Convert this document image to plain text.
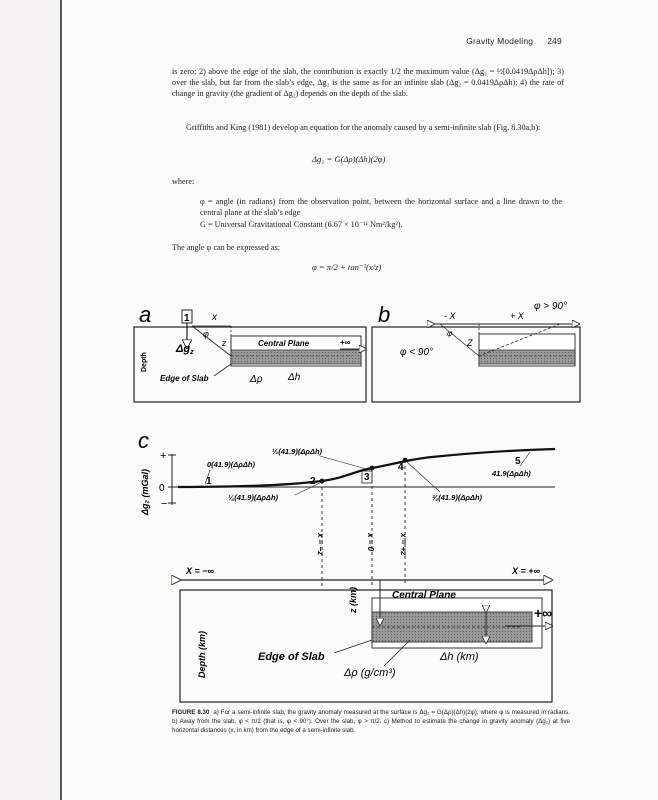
Gravity Modeling 249
is zero; 2) above the edge of the slab, the contribution is exactly 1/2 the maximum value (Δg₂ = ½[0.0419ΔρΔh]); 3) over the slab, but far from the slab’s edge, Δg₂ is the same as for an infinite slab (Δg₂ = 0.0419ΔρΔh); 4) the rate of change in gravity (the gradient of Δg₂) depends on the depth of the slab.
Griffiths and King (1981) develop an equation for the anomaly caused by a semi-infinite slab (Fig. 8.30a,b):
Δg₂ = G(Δρ)(Δh)(2φ)
where:
φ = angle (in radians) from the observation point, between the horizontal surface and a line drawn to the central plane at the slab’s edge
G = Universal Gravitational Constant (6.67 × 10⁻¹¹ Nm²/kg²).
The angle φ can be expressed as:
φ = π/2 + tan⁻¹(x/z)
a	1 x
φ
Δgz
z	Central Plane	+∞
Depth
Edge of Slab	Δρ	Δh
b	- X	+ X
φ > 90°
φ < 90°
φ
Z
c
Δg₂ (mGal)
+
0
−
1	2	3
4
5
0(41.9)(ΔρΔh)
½(41.9)(ΔρΔh)
¼(41.9)(ΔρΔh)	¾(41.9)(ΔρΔh)
41.9(ΔρΔh)
x = −z	x = 0	x = +z
X = −∞	X = +∞
Depth (km)
Central Plane
z (km)	+∞
Edge of Slab	Δh (km)
Δρ (g/cm³)
FIGURE 8.30 a) For a semi-infinite slab, the gravity anomaly measured at the surface is Δg₂ = G(Δρ)(Δh)(2φ), where φ is measured in radians. b) Away from the slab, φ < π/2 (that is, φ < 90°). Over the slab, φ > π/2. c) Method to estimate the change in gravity anomaly (Δg₂) at five horizontal distances (x, in km) from the edge of a semi-infinite slab.
